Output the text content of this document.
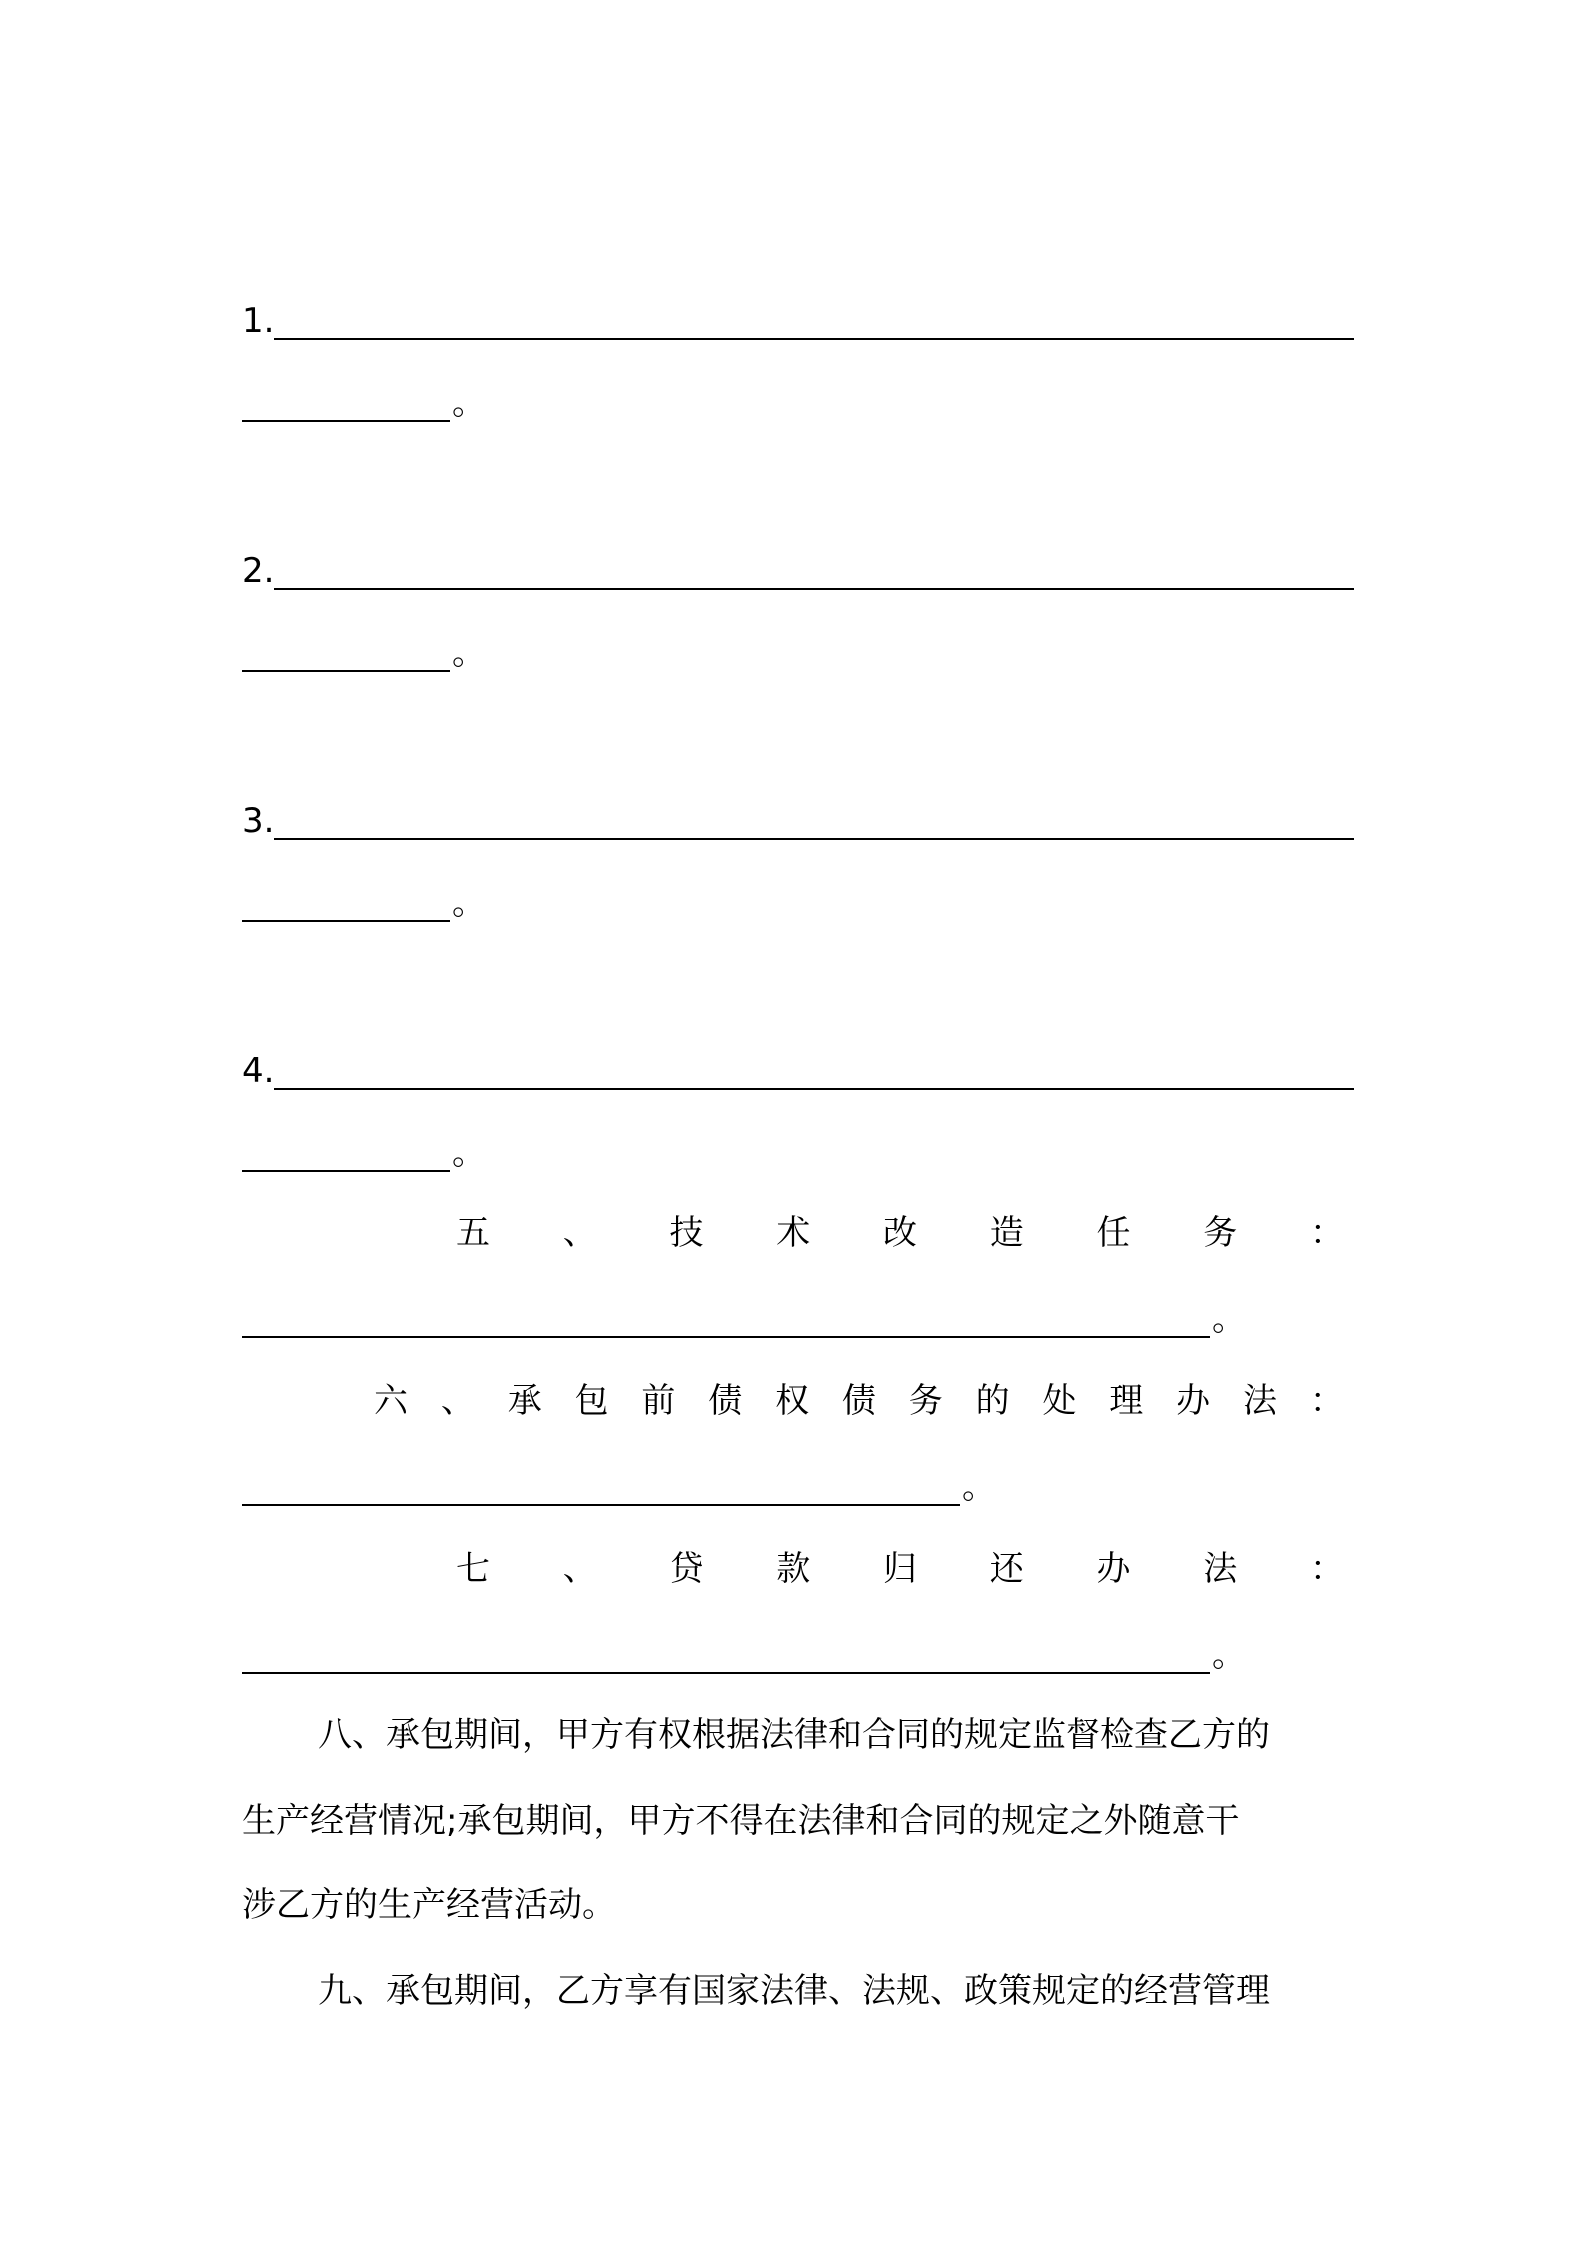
1.
。
2.
。
3.
。
4.
。
五 、 技 术 改 造 任 务 ：
。
六 、 承 包 前 债 权 债 务 的 处 理 办 法 ：
。
七 、 贷 款 归 还 办 法 ：
。
八、承包期间，甲方有权根据法律和合同的规定监督检查乙方的
生产经营情况;承包期间，甲方不得在法律和合同的规定之外随意干
涉乙方的生产经营活动。
九、承包期间，乙方享有国家法律、法规、政策规定的经营管理
